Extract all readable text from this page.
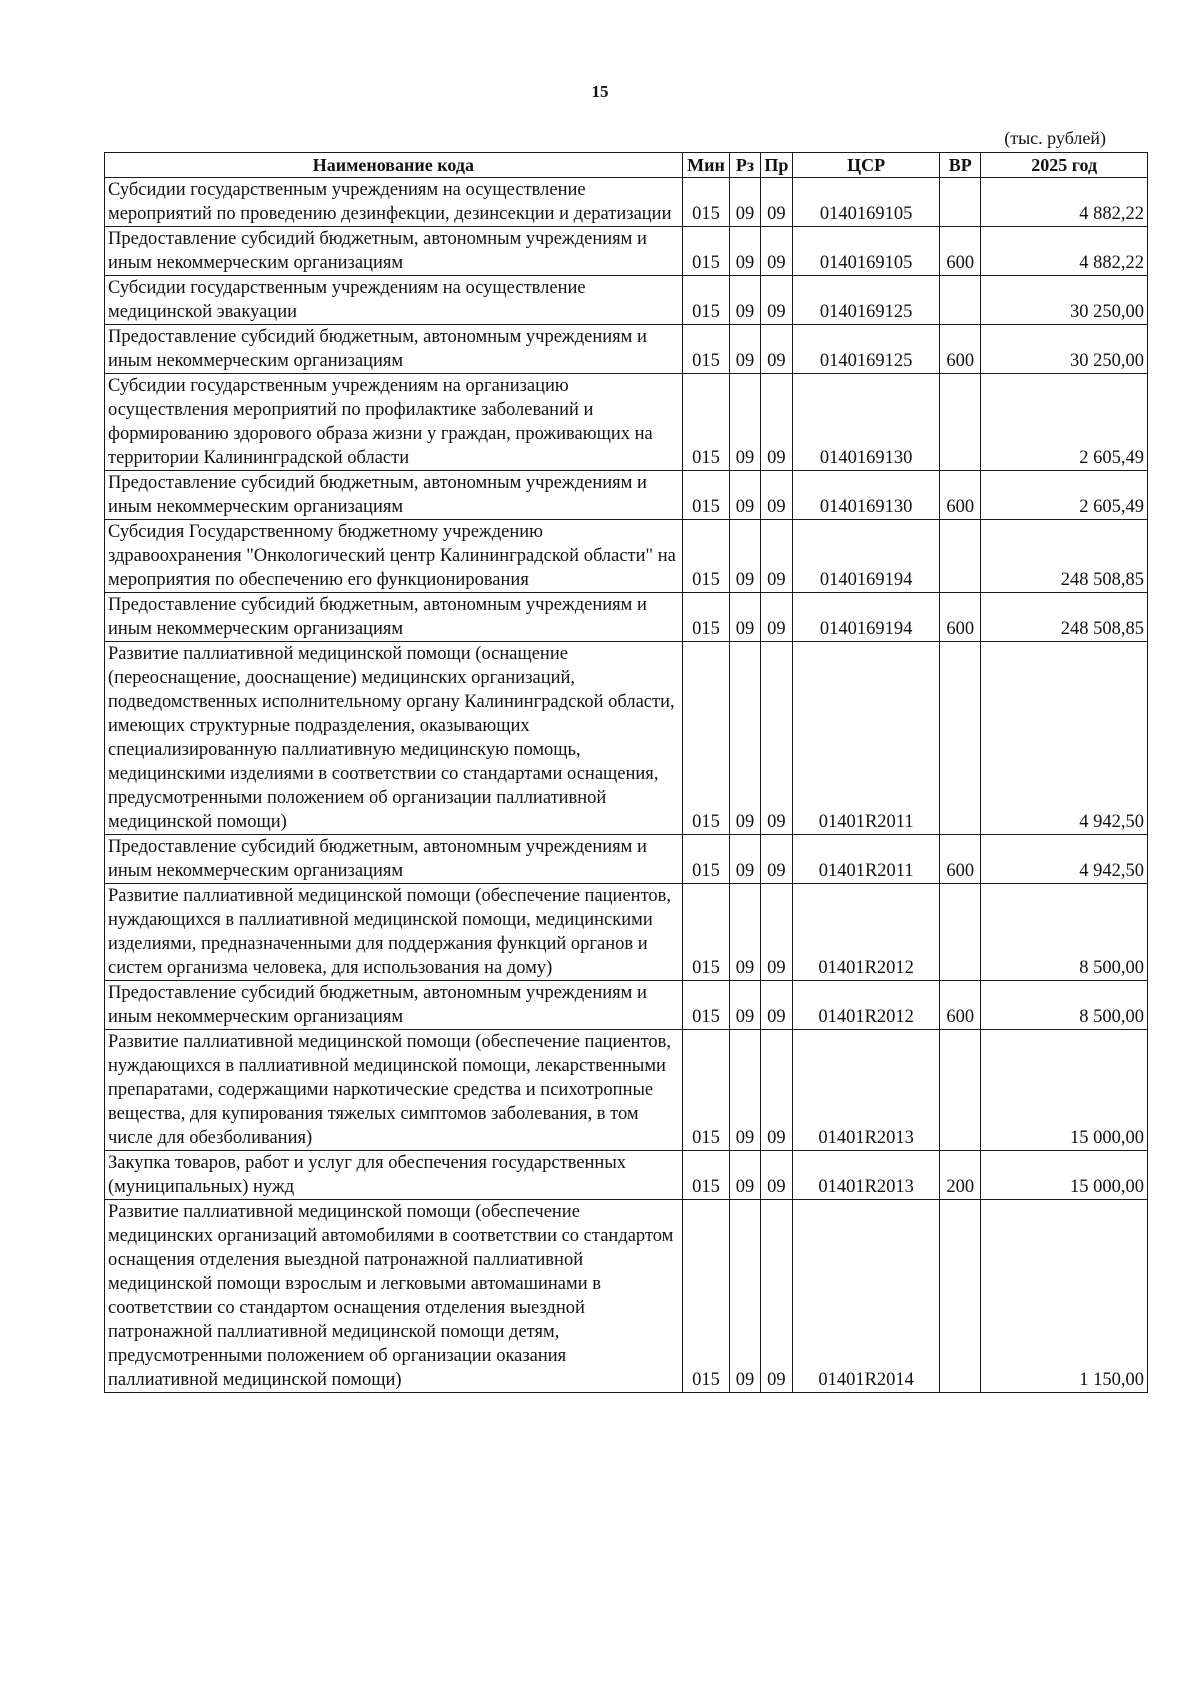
15
(тыс. рублей)
Наименование кода	Мин	Рз	Пр	ЦСР	ВР	2025 год
Субсидии государственным учреждениям на осуществление мероприятий по проведению дезинфекции, дезинсекции и дератизации	015	09	09	0140169105		4 882,22
Предоставление субсидий бюджетным, автономным учреждениям и иным некоммерческим организациям	015	09	09	0140169105	600	4 882,22
Субсидии государственным учреждениям на осуществление медицинской эвакуации	015	09	09	0140169125		30 250,00
Предоставление субсидий бюджетным, автономным учреждениям и иным некоммерческим организациям	015	09	09	0140169125	600	30 250,00
Субсидии государственным учреждениям на организацию осуществления мероприятий по профилактике заболеваний и формированию здорового образа жизни у граждан, проживающих на территории Калининградской области	015	09	09	0140169130		2 605,49
Предоставление субсидий бюджетным, автономным учреждениям и иным некоммерческим организациям	015	09	09	0140169130	600	2 605,49
Субсидия Государственному бюджетному учреждению здравоохранения "Онкологический центр Калининградской области" на мероприятия по обеспечению его функционирования	015	09	09	0140169194		248 508,85
Предоставление субсидий бюджетным, автономным учреждениям и иным некоммерческим организациям	015	09	09	0140169194	600	248 508,85
Развитие паллиативной медицинской помощи (оснащение (переоснащение, дооснащение) медицинских организаций, подведомственных исполнительному органу Калининградской области, имеющих структурные подразделения, оказывающих специализированную паллиативную медицинскую помощь, медицинскими изделиями в соответствии со стандартами оснащения, предусмотренными положением об организации паллиативной медицинской помощи)	015	09	09	01401R2011		4 942,50
Предоставление субсидий бюджетным, автономным учреждениям и иным некоммерческим организациям	015	09	09	01401R2011	600	4 942,50
Развитие паллиативной медицинской помощи (обеспечение пациентов, нуждающихся в паллиативной медицинской помощи, медицинскими изделиями, предназначенными для поддержания функций органов и систем организма человека, для использования на дому)	015	09	09	01401R2012		8 500,00
Предоставление субсидий бюджетным, автономным учреждениям и иным некоммерческим организациям	015	09	09	01401R2012	600	8 500,00
Развитие паллиативной медицинской помощи (обеспечение пациентов, нуждающихся в паллиативной медицинской помощи, лекарственными препаратами, содержащими наркотические средства и психотропные вещества, для купирования тяжелых симптомов заболевания, в том числе для обезболивания)	015	09	09	01401R2013		15 000,00
Закупка товаров, работ и услуг для обеспечения государственных (муниципальных) нужд	015	09	09	01401R2013	200	15 000,00
Развитие паллиативной медицинской помощи (обеспечение медицинских организаций автомобилями в соответствии со стандартом оснащения отделения выездной патронажной паллиативной медицинской помощи взрослым и легковыми автомашинами в соответствии со стандартом оснащения отделения выездной патронажной паллиативной медицинской помощи детям, предусмотренными положением об организации оказания паллиативной медицинской помощи)	015	09	09	01401R2014		1 150,00
